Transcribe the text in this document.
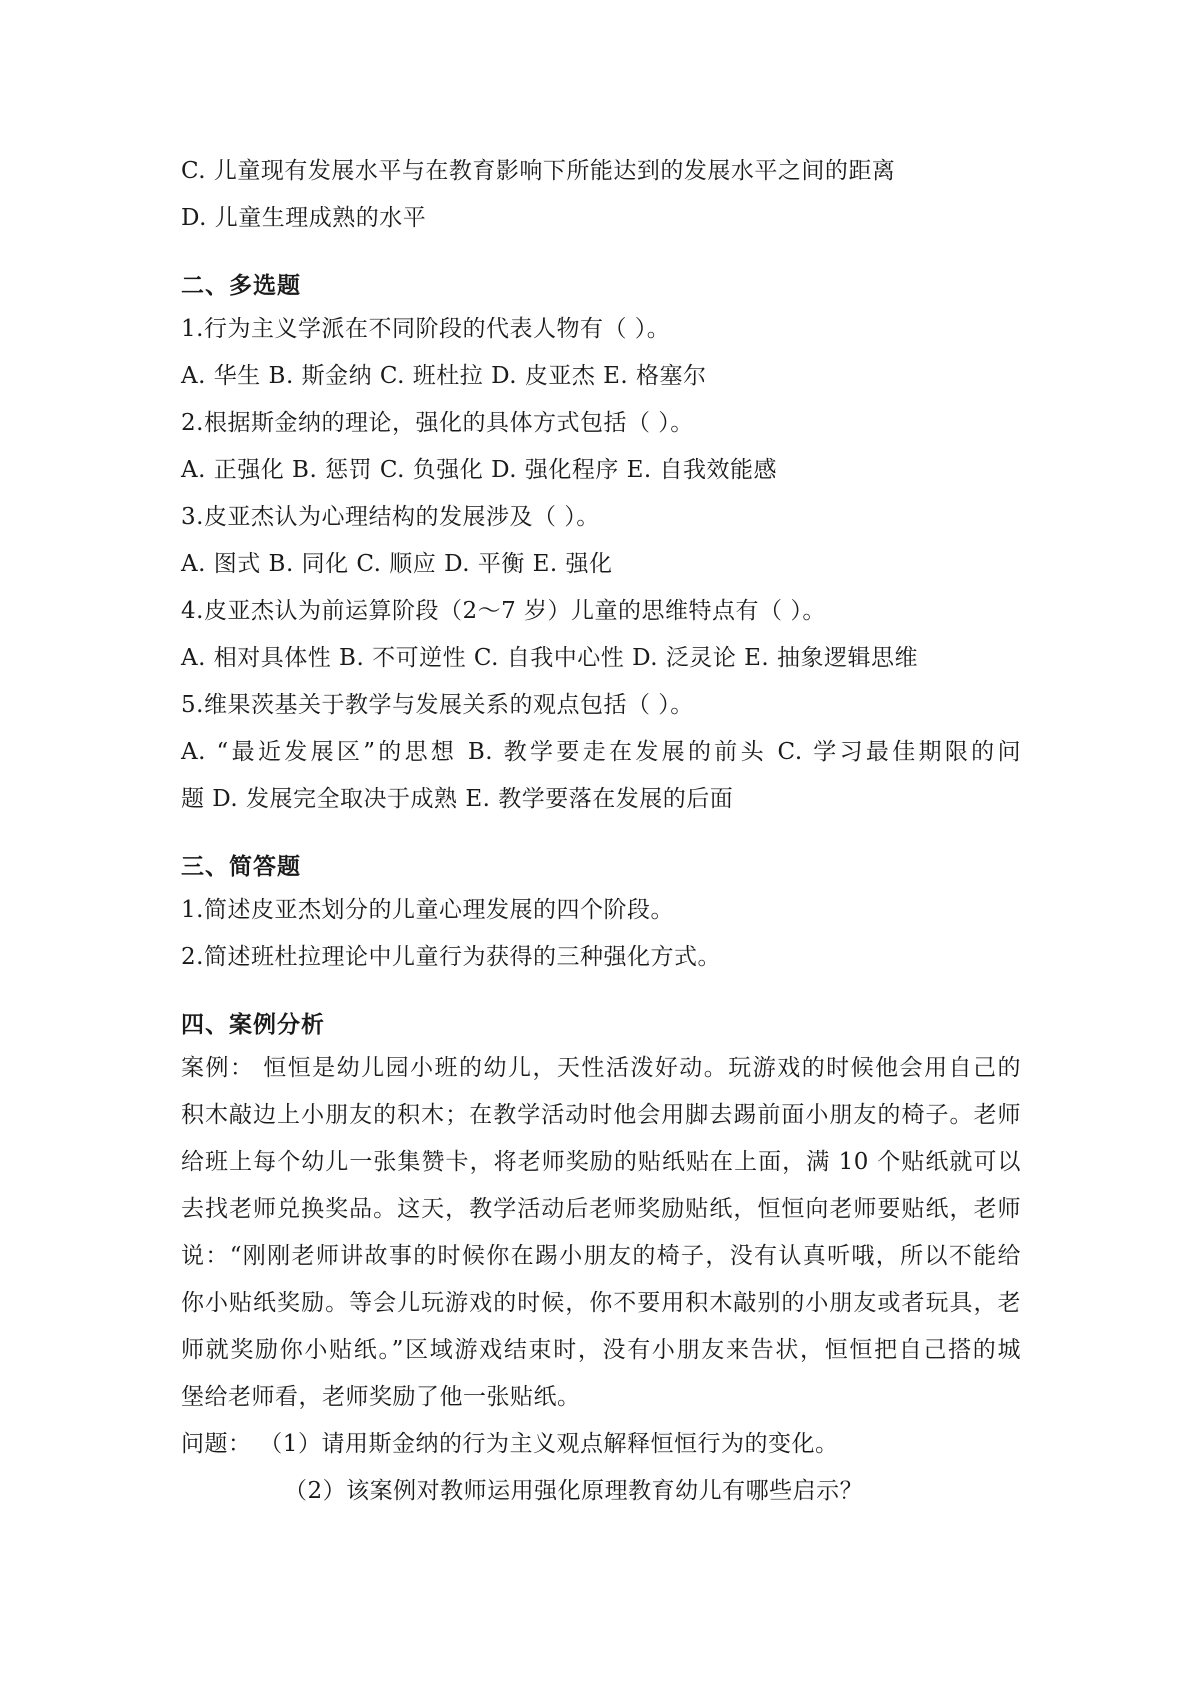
C. 儿童现有发展水平与在教育影响下所能达到的发展水平之间的距离
D. 儿童生理成熟的水平
二、多选题
1.行为主义学派在不同阶段的代表人物有（ ）。
A. 华生 B. 斯金纳 C. 班杜拉 D. 皮亚杰 E. 格塞尔
2.根据斯金纳的理论，强化的具体方式包括（ ）。
A. 正强化 B. 惩罚 C. 负强化 D. 强化程序 E. 自我效能感
3.皮亚杰认为心理结构的发展涉及（ ）。
A. 图式 B. 同化 C. 顺应 D. 平衡 E. 强化
4.皮亚杰认为前运算阶段（2～7 岁）儿童的思维特点有（ ）。
A. 相对具体性 B. 不可逆性 C. 自我中心性 D. 泛灵论 E. 抽象逻辑思维
5.维果茨基关于教学与发展关系的观点包括（ ）。
A. “最近发展区”的思想 B. 教学要走在发展的前头 C. 学习最佳期限的问
题 D. 发展完全取决于成熟 E. 教学要落在发展的后面
三、简答题
1.简述皮亚杰划分的儿童心理发展的四个阶段。
2.简述班杜拉理论中儿童行为获得的三种强化方式。
四、案例分析
案例： 恒恒是幼儿园小班的幼儿，天性活泼好动。玩游戏的时候他会用自己的
积木敲边上小朋友的积木；在教学活动时他会用脚去踢前面小朋友的椅子。老师
给班上每个幼儿一张集赞卡，将老师奖励的贴纸贴在上面，满 10 个贴纸就可以
去找老师兑换奖品。这天，教学活动后老师奖励贴纸，恒恒向老师要贴纸，老师
说：“刚刚老师讲故事的时候你在踢小朋友的椅子，没有认真听哦，所以不能给
你小贴纸奖励。等会儿玩游戏的时候，你不要用积木敲别的小朋友或者玩具，老
师就奖励你小贴纸。”区域游戏结束时，没有小朋友来告状，恒恒把自己搭的城
堡给老师看，老师奖励了他一张贴纸。
问题： （1）请用斯金纳的行为主义观点解释恒恒行为的变化。
（2）该案例对教师运用强化原理教育幼儿有哪些启示？
